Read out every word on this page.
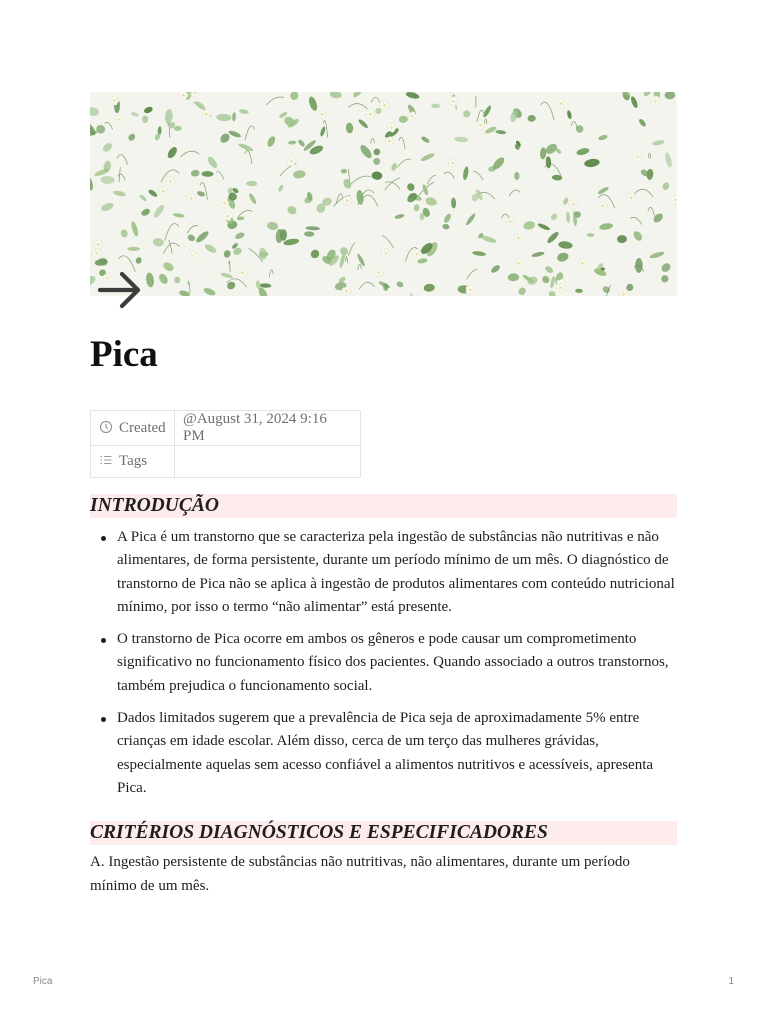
Pica
Created	@August 31, 2024 9:16 PM
Tags	
INTRODUÇÃO
A Pica é um transtorno que se caracteriza pela ingestão de substâncias não nutritivas e não alimentares, de forma persistente, durante um período mínimo de um mês. O diagnóstico de transtorno de Pica não se aplica à ingestão de produtos alimentares com conteúdo nutricional mínimo, por isso o termo “não alimentar” está presente.
O transtorno de Pica ocorre em ambos os gêneros e pode causar um comprometimento significativo no funcionamento físico dos pacientes. Quando associado a outros transtornos, também prejudica o funcionamento social.
Dados limitados sugerem que a prevalência de Pica seja de aproximadamente 5% entre crianças em idade escolar. Além disso, cerca de um terço das mulheres grávidas, especialmente aquelas sem acesso confiável a alimentos nutritivos e acessíveis, apresenta Pica.
CRITÉRIOS DIAGNÓSTICOS E ESPECIFICADORES

A. Ingestão persistente de substâncias não nutritivas, não alimentares, durante um período mínimo de um mês.

Pica	1
